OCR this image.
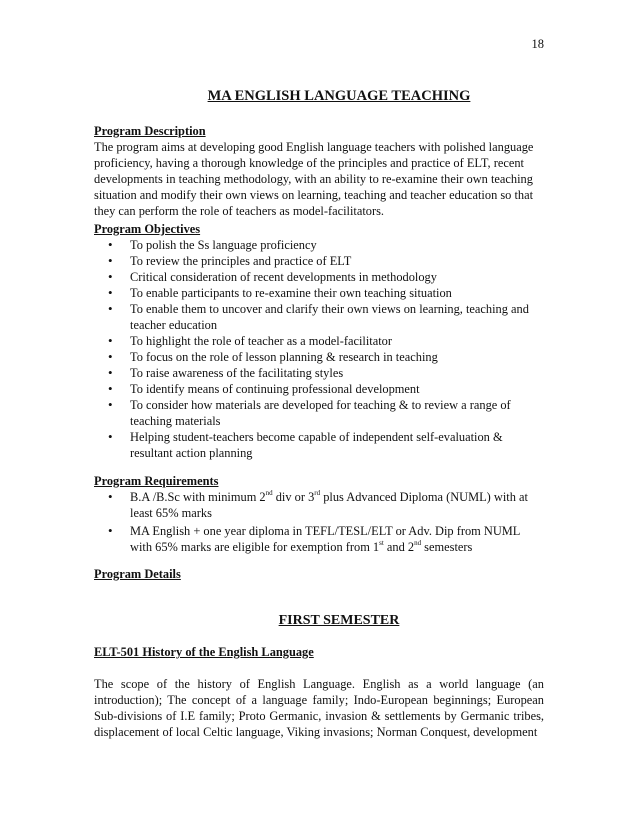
18
MA ENGLISH LANGUAGE TEACHING
Program Description

The program aims at developing good English language teachers with polished language proficiency, having a thorough knowledge of the principles and practice of ELT, recent developments in teaching methodology, with an ability to re-examine their own teaching situation and modify their own views on learning, teaching and teacher education so that they can perform the role of teachers as model-facilitators.

Program Objectives
• To polish the Ss language proficiency
• To review the principles and practice of ELT
• Critical consideration of recent developments in methodology
• To enable participants to re-examine their own teaching situation
• To enable them to uncover and clarify their own views on learning, teaching and teacher education
• To highlight the role of teacher as a model-facilitator
• To focus on the role of lesson planning & research in teaching
• To raise awareness of the facilitating styles
• To identify means of continuing professional development
• To consider how materials are developed for teaching & to review a range of teaching materials
• Helping student-teachers become capable of independent self-evaluation & resultant action planning
Program Requirements
• B.A /B.Sc with minimum 2nd div or 3rd plus Advanced Diploma (NUML) with at least 65% marks
• MA English + one year diploma in TEFL/TESL/ELT or Adv. Dip from NUML with 65% marks are eligible for exemption from 1st and 2nd semesters
Program Details
FIRST SEMESTER
ELT-501 History of the English Language

The scope of the history of English Language. English as a world language (an introduction); The concept of a language family; Indo-European beginnings; European Sub-divisions of I.E family; Proto Germanic, invasion & settlements by Germanic tribes, displacement of local Celtic language, Viking invasions; Norman Conquest, development
